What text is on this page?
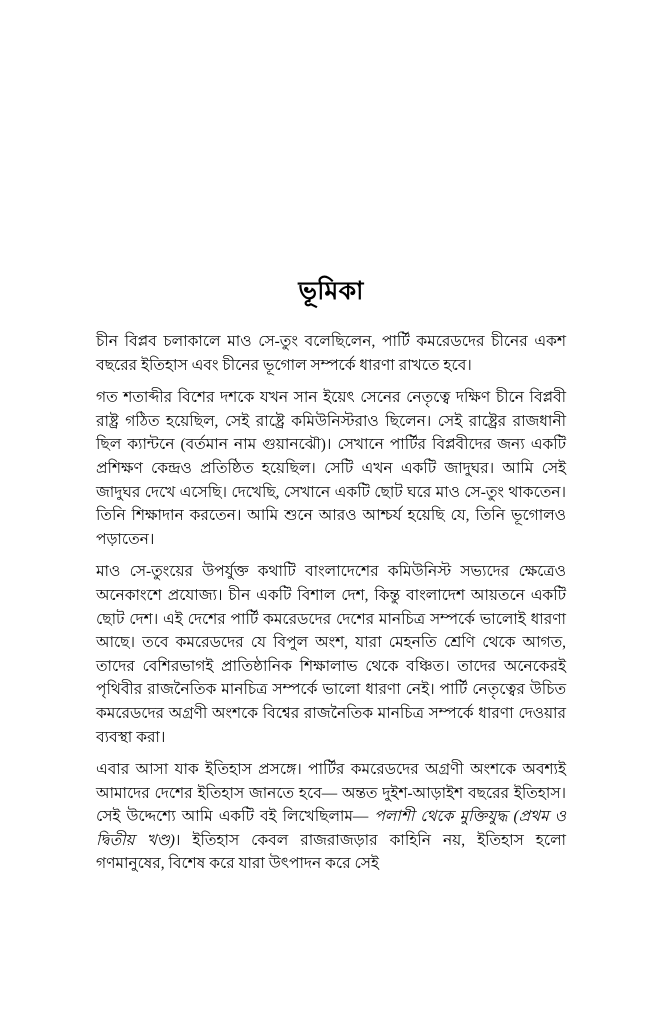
ভূমিকা

চীন বিপ্লব চলাকালে মাও সে-তুং বলেছিলেন, পার্টি কমরেডদের চীনের একশ বছরের ইতিহাস এবং চীনের ভূগোল সম্পর্কে ধারণা রাখতে হবে।

গত শতাব্দীর বিশের দশকে যখন সান ইয়েৎ সেনের নেতৃত্বে দক্ষিণ চীনে বিপ্লবী রাষ্ট্র গঠিত হয়েছিল, সেই রাষ্ট্রে কমিউনিস্টরাও ছিলেন। সেই রাষ্ট্রের রাজধানী ছিল ক্যান্টনে (বর্তমান নাম গুয়ানঝৌ)। সেখানে পার্টির বিপ্লবীদের জন্য একটি প্রশিক্ষণ কেন্দ্রও প্রতিষ্ঠিত হয়েছিল। সেটি এখন একটি জাদুঘর। আমি সেই জাদুঘর দেখে এসেছি। দেখেছি, সেখানে একটি ছোট ঘরে মাও সে-তুং থাকতেন। তিনি শিক্ষাদান করতেন। আমি শুনে আরও আশ্চর্য হয়েছি যে, তিনি ভূগোলও পড়াতেন।

মাও সে-তুংয়ের উপর্যুক্ত কথাটি বাংলাদেশের কমিউনিস্ট সভ্যদের ক্ষেত্রেও অনেকাংশে প্রযোজ্য। চীন একটি বিশাল দেশ, কিন্তু বাংলাদেশ আয়তনে একটি ছোট দেশ। এই দেশের পার্টি কমরেডদের দেশের মানচিত্র সম্পর্কে ভালোই ধারণা আছে। তবে কমরেডদের যে বিপুল অংশ, যারা মেহনতি শ্রেণি থেকে আগত, তাদের বেশিরভাগই প্রাতিষ্ঠানিক শিক্ষালাভ থেকে বঞ্চিত। তাদের অনেকেরই পৃথিবীর রাজনৈতিক মানচিত্র সম্পর্কে ভালো ধারণা নেই। পার্টি নেতৃত্বের উচিত কমরেডদের অগ্রণী অংশকে বিশ্বের রাজনৈতিক মানচিত্র সম্পর্কে ধারণা দেওয়ার ব্যবস্থা করা।

এবার আসা যাক ইতিহাস প্রসঙ্গে। পার্টির কমরেডদের অগ্রণী অংশকে অবশ্যই আমাদের দেশের ইতিহাস জানতে হবে— অন্তত দুইশ-আড়াইশ বছরের ইতিহাস। সেই উদ্দেশ্যে আমি একটি বই লিখেছিলাম— পলাশী থেকে মুক্তিযুদ্ধ (প্রথম ও দ্বিতীয় খণ্ড)। ইতিহাস কেবল রাজরাজড়ার কাহিনি নয়, ইতিহাস হলো গণমানুষের, বিশেষ করে যারা উৎপাদন করে সেই
